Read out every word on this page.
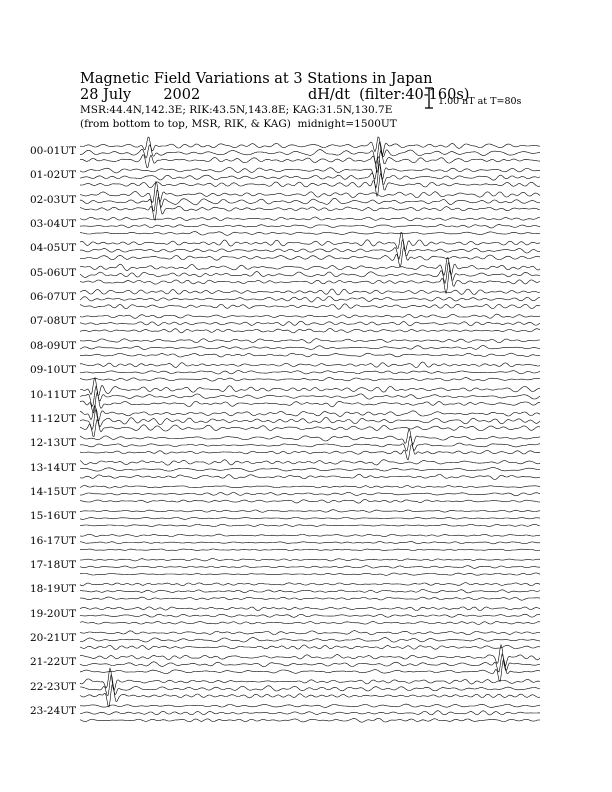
Magnetic Field Variations at 3 Stations in Japan
28 July 2002	dH/dt (filter:40-160s)
MSR:44.4N,142.3E; RIK:43.5N,143.8E; KAG:31.5N,130.7E
(from bottom to top, MSR, RIK, & KAG) midnight=1500UT
1.00 nT at T=80s
00-01UT
01-02UT
02-03UT
03-04UT
04-05UT
05-06UT
06-07UT
07-08UT
08-09UT
09-10UT
10-11UT
11-12UT
12-13UT
13-14UT
14-15UT
15-16UT
16-17UT
17-18UT
18-19UT
19-20UT
20-21UT
21-22UT
22-23UT
23-24UT
